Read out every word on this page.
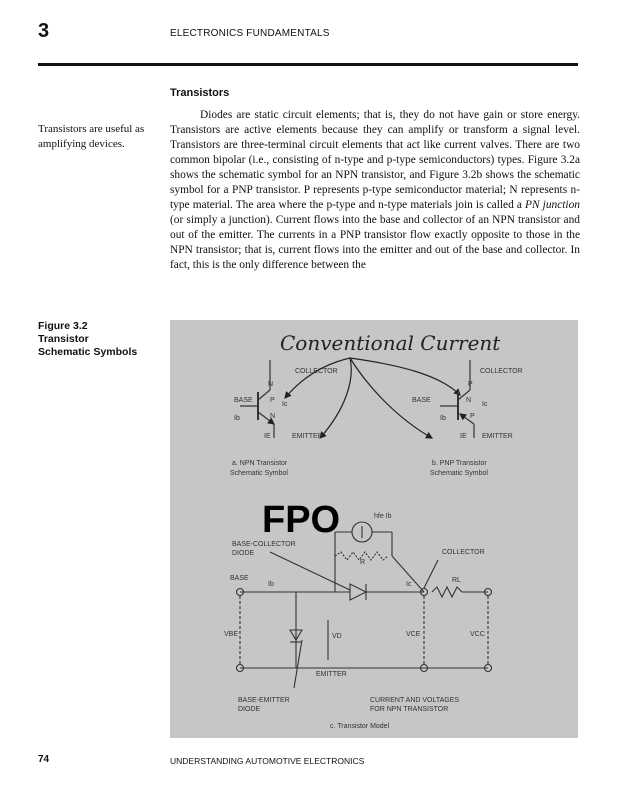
3	ELECTRONICS FUNDAMENTALS
Transistors
Transistors are useful as amplifying devices.
Diodes are static circuit elements; that is, they do not have gain or store energy. Transistors are active elements because they can amplify or transform a signal level. Transistors are three-terminal circuit elements that act like current valves. There are two common bipolar (i.e., consisting of n-type and p-type semiconductors) types. Figure 3.2a shows the schematic symbol for an NPN transistor, and Figure 3.2b shows the schematic symbol for a PNP transistor. P represents p-type semiconductor material; N represents n-type material. The area where the p-type and n-type materials join is called a PN junction (or simply a junction). Current flows into the base and collector of an NPN transistor and out of the emitter. The currents in a PNP transistor flow exactly opposite to those in the NPN transistor; that is, current flows into the emitter and out of the base and collector. In fact, this is the only difference between the
Figure 3.2
Transistor
Schematic Symbols	Conventional Current
COLLECTOR
BASE
EMITTER
N
P
N
Ic
Ib
IE
a. NPN Transistor
Schematic Symbol
COLLECTOR
BASE
EMITTER
P
N
P
Ic
Ib
IE
b. PNP Transistor
Schematic Symbol
FPO	hfe Ib
BASE-COLLECTOR
DIODE	COLLECTOR
BASE
R
Ib	Ic
RL
VBE	VD	VCE	VCC
EMITTER
BASE-EMITTER
DIODE
CURRENT AND VOLTAGES
FOR NPN TRANSISTOR
c. Transistor Model
74	UNDERSTANDING AUTOMOTIVE ELECTRONICS
